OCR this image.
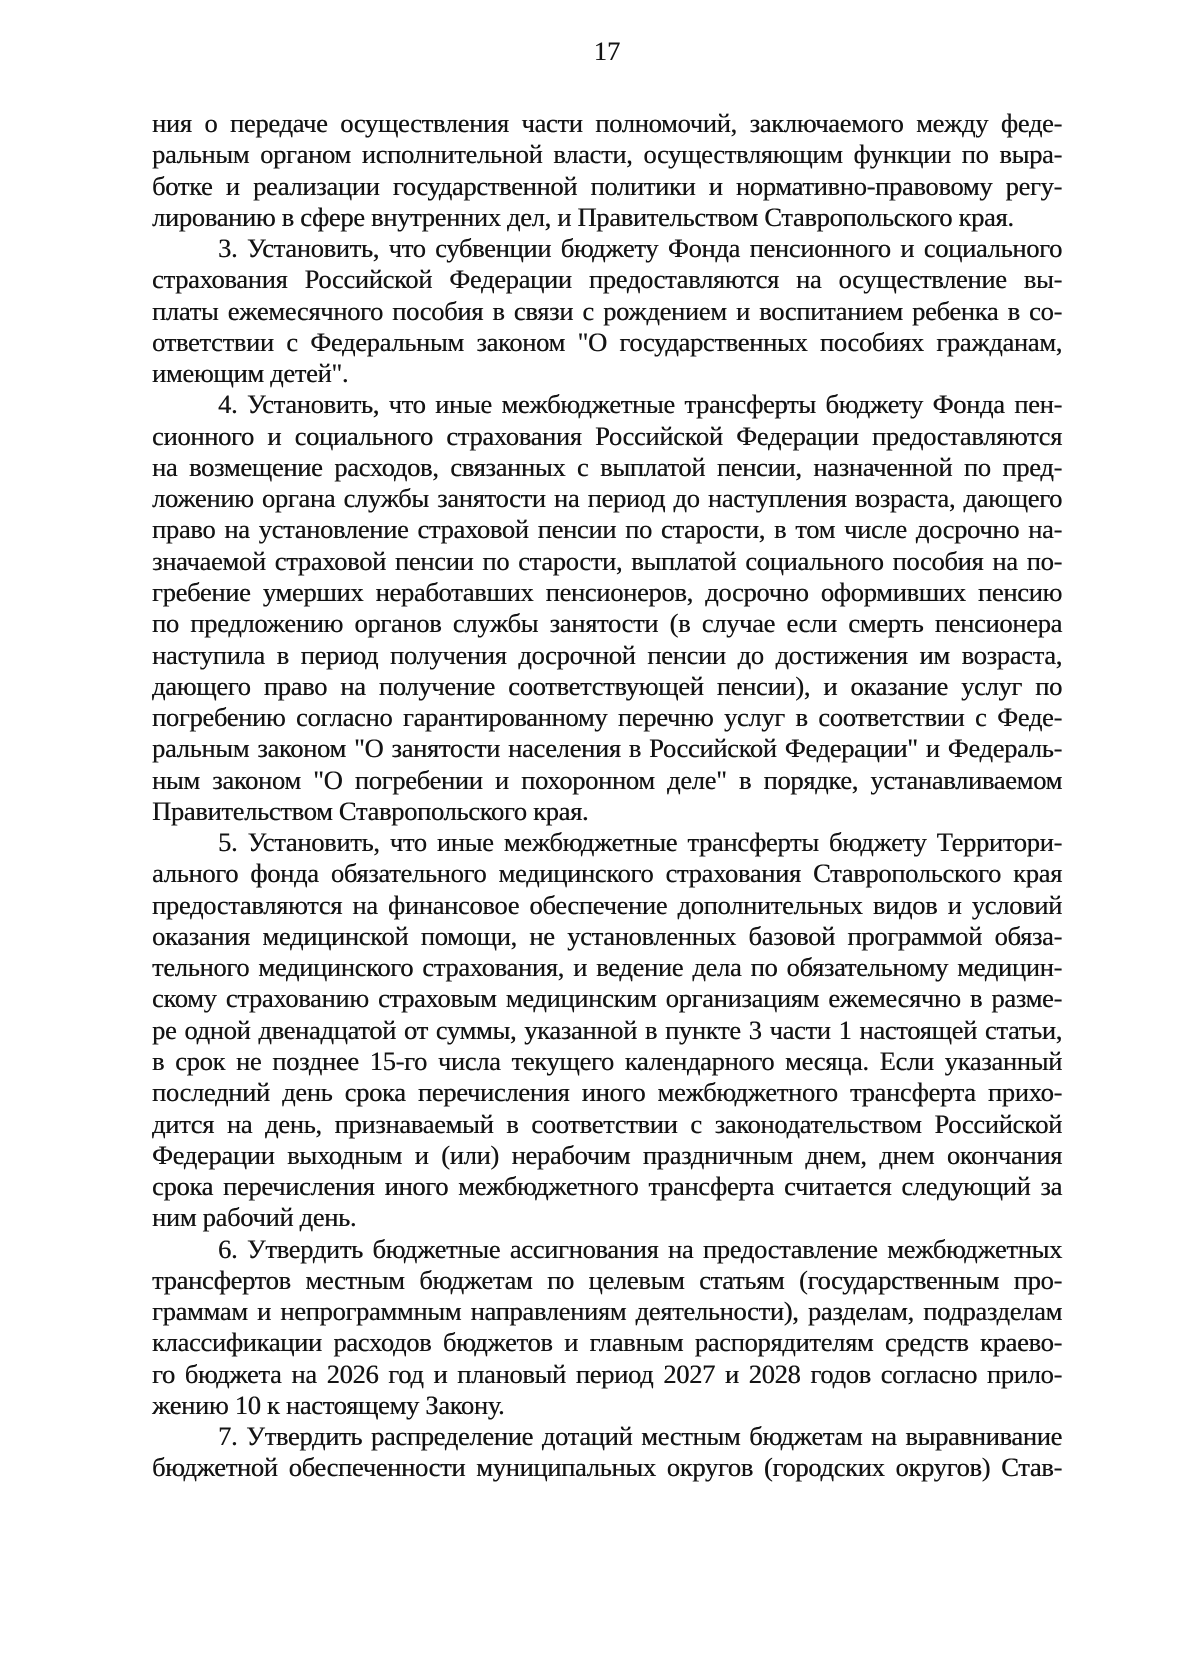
17
ния о передаче осуществления части полномочий, заключаемого между феде-
ральным органом исполнительной власти, осуществляющим функции по выра-
ботке и реализации государственной политики и нормативно-правовому регу-
лированию в сфере внутренних дел, и Правительством Ставропольского края.
3. Установить, что субвенции бюджету Фонда пенсионного и социального
страхования Российской Федерации предоставляются на осуществление вы-
платы ежемесячного пособия в связи с рождением и воспитанием ребенка в со-
ответствии с Федеральным законом "О государственных пособиях гражданам,
имеющим детей".
4. Установить, что иные межбюджетные трансферты бюджету Фонда пен-
сионного и социального страхования Российской Федерации предоставляются
на возмещение расходов, связанных с выплатой пенсии, назначенной по пред-
ложению органа службы занятости на период до наступления возраста, дающего
право на установление страховой пенсии по старости, в том числе досрочно на-
значаемой страховой пенсии по старости, выплатой социального пособия на по-
гребение умерших неработавших пенсионеров, досрочно оформивших пенсию
по предложению органов службы занятости (в случае если смерть пенсионера
наступила в период получения досрочной пенсии до достижения им возраста,
дающего право на получение соответствующей пенсии), и оказание услуг по
погребению согласно гарантированному перечню услуг в соответствии с Феде-
ральным законом "О занятости населения в Российской Федерации" и Федераль-
ным законом "О погребении и похоронном деле" в порядке, устанавливаемом
Правительством Ставропольского края.
5. Установить, что иные межбюджетные трансферты бюджету Территори-
ального фонда обязательного медицинского страхования Ставропольского края
предоставляются на финансовое обеспечение дополнительных видов и условий
оказания медицинской помощи, не установленных базовой программой обяза-
тельного медицинского страхования, и ведение дела по обязательному медицин-
скому страхованию страховым медицинским организациям ежемесячно в разме-
ре одной двенадцатой от суммы, указанной в пункте 3 части 1 настоящей статьи,
в срок не позднее 15-го числа текущего календарного месяца. Если указанный
последний день срока перечисления иного межбюджетного трансферта прихо-
дится на день, признаваемый в соответствии с законодательством Российской
Федерации выходным и (или) нерабочим праздничным днем, днем окончания
срока перечисления иного межбюджетного трансферта считается следующий за
ним рабочий день.
6. Утвердить бюджетные ассигнования на предоставление межбюджетных
трансфертов местным бюджетам по целевым статьям (государственным про-
граммам и непрограммным направлениям деятельности), разделам, подразделам
классификации расходов бюджетов и главным распорядителям средств краево-
го бюджета на 2026 год и плановый период 2027 и 2028 годов согласно прило-
жению 10 к настоящему Закону.
7. Утвердить распределение дотаций местным бюджетам на выравнивание
бюджетной обеспеченности муниципальных округов (городских округов) Став-
